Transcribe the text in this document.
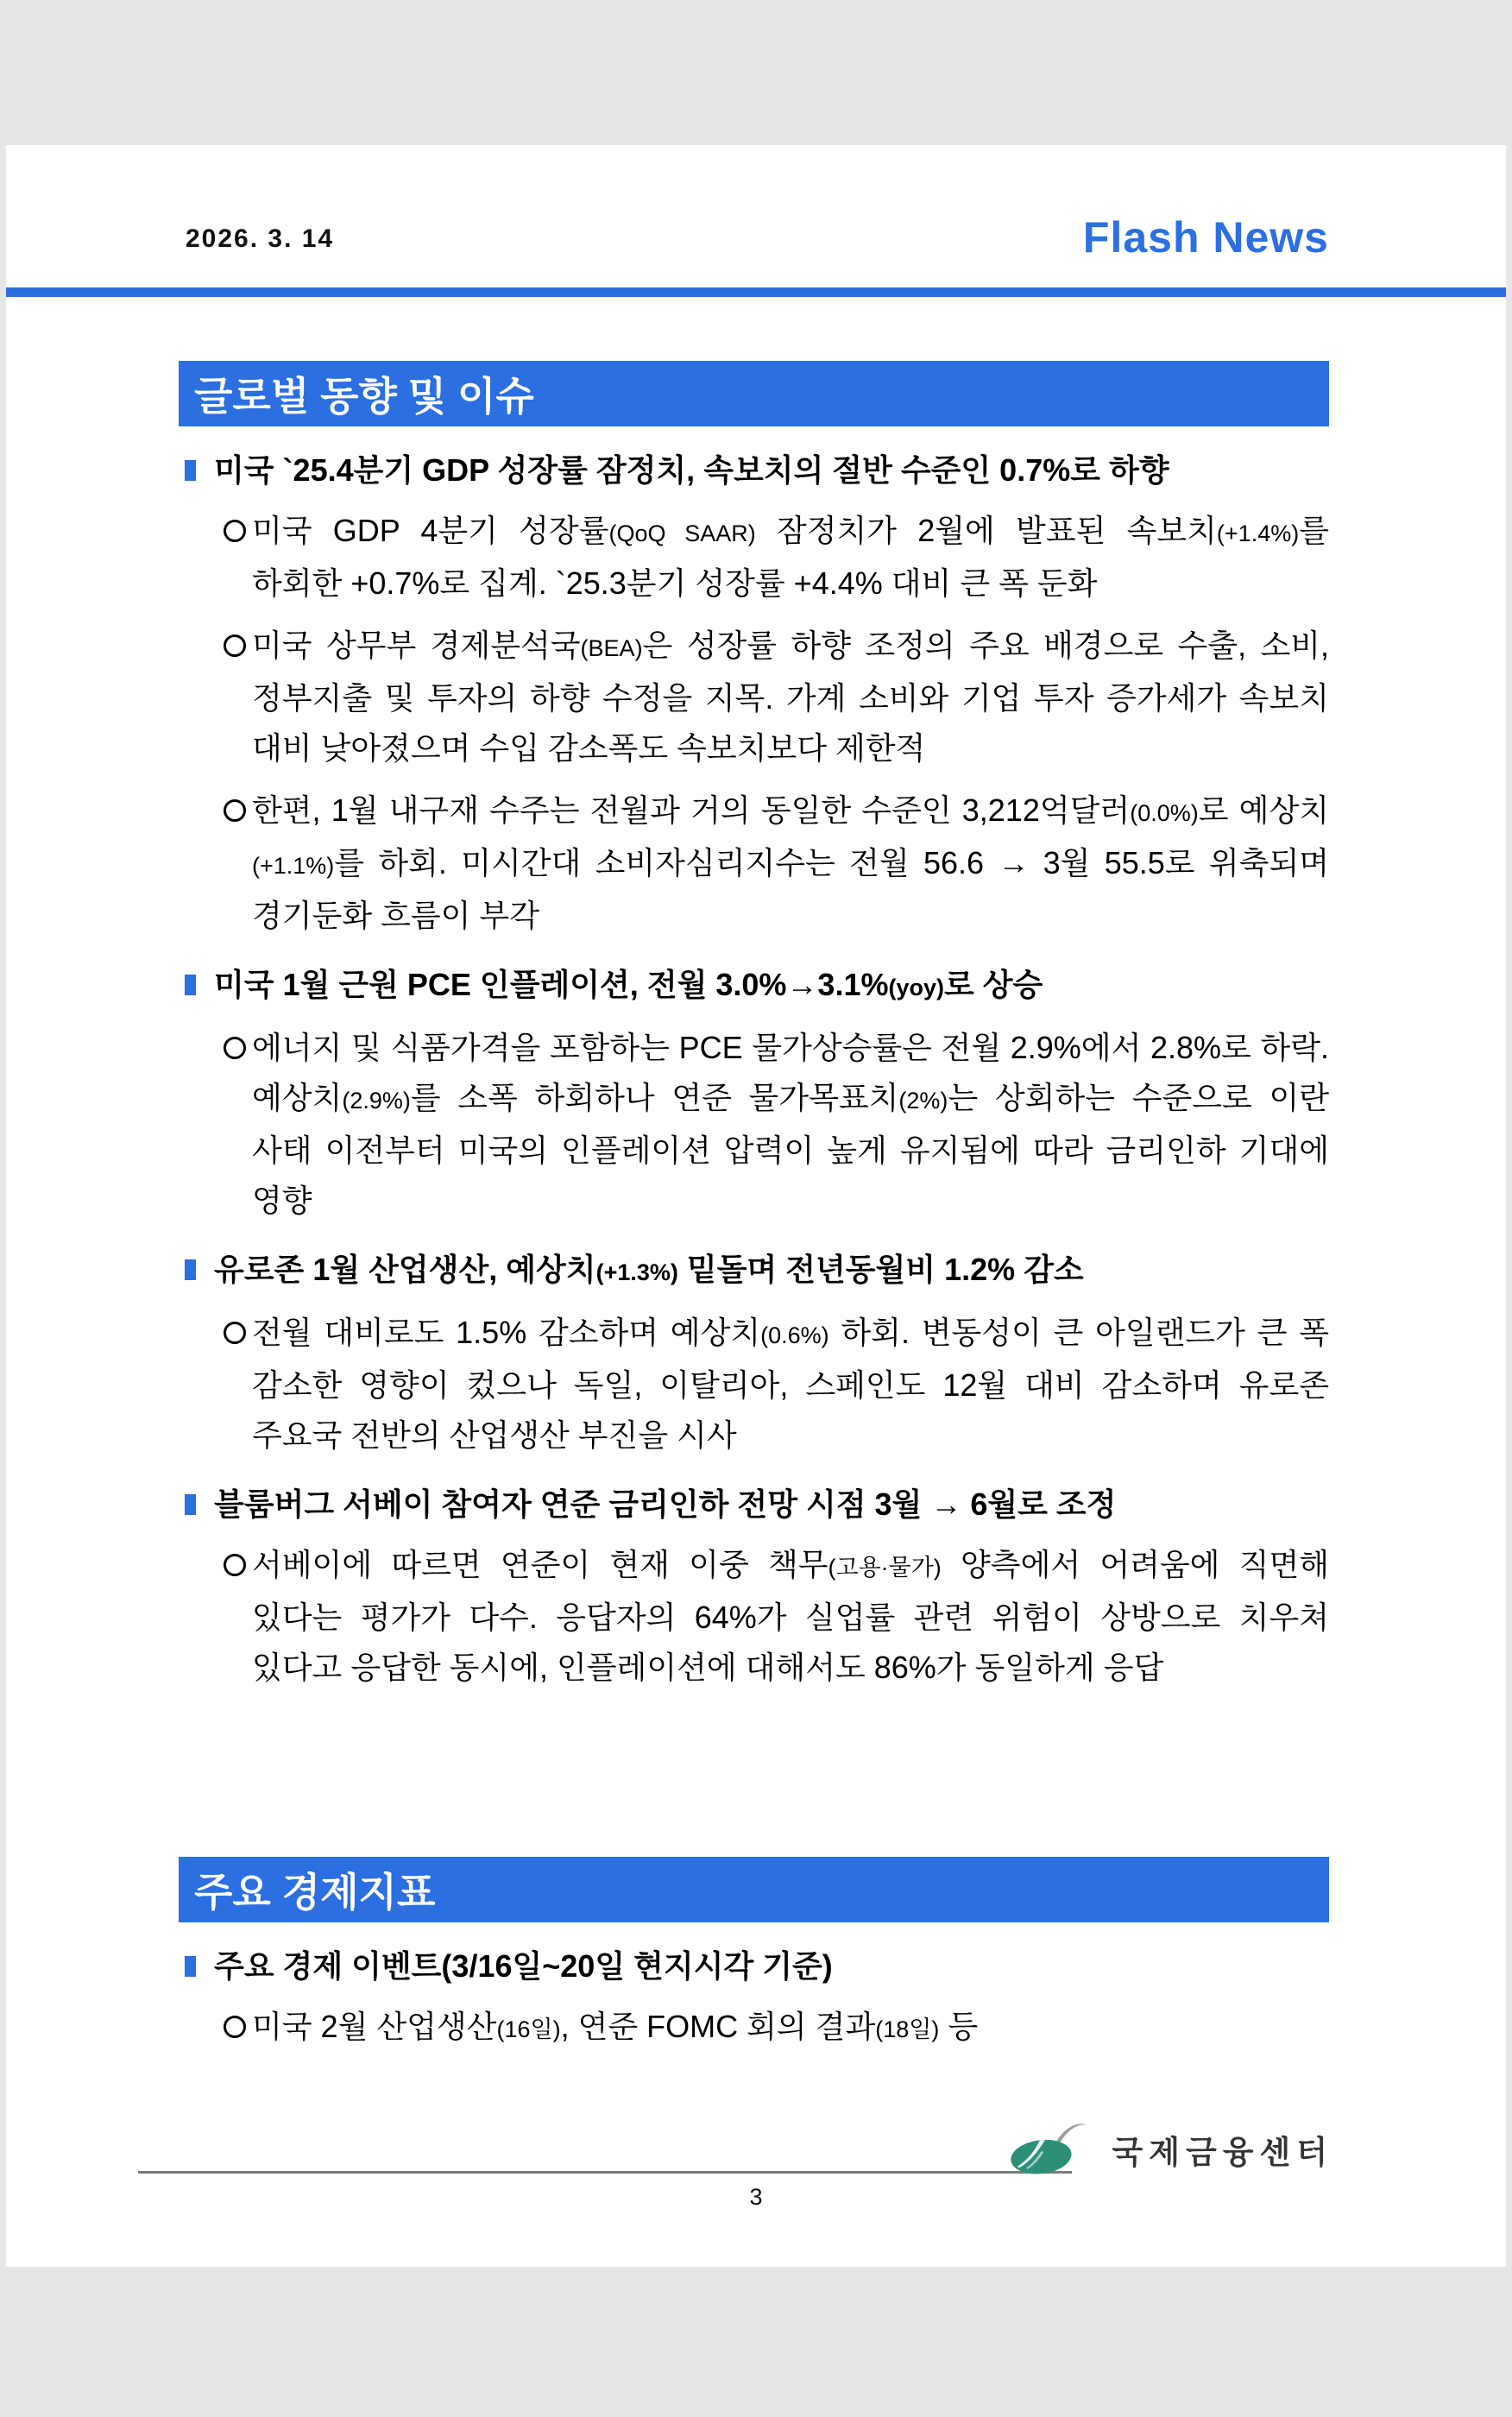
2026. 3. 14	Flash News
글로벌 동향 및 이슈
미국 `25.4분기 GDP 성장률 잠정치, 속보치의 절반 수준인 0.7%로 하향
미국 GDP 4분기 성장률(QoQ SAAR) 잠정치가 2월에 발표된 속보치(+1.4%)를 하회한 +0.7%로 집계. `25.3분기 성장률 +4.4% 대비 큰 폭 둔화
미국 상무부 경제분석국(BEA)은 성장률 하향 조정의 주요 배경으로 수출, 소비, 정부지출 및 투자의 하향 수정을 지목. 가계 소비와 기업 투자 증가세가 속보치 대비 낮아졌으며 수입 감소폭도 속보치보다 제한적
한편, 1월 내구재 수주는 전월과 거의 동일한 수준인 3,212억달러(0.0%)로 예상치(+1.1%)를 하회. 미시간대 소비자심리지수는 전월 56.6 → 3월 55.5로 위축되며 경기둔화 흐름이 부각
미국 1월 근원 PCE 인플레이션, 전월 3.0%→3.1%(yoy)로 상승
에너지 및 식품가격을 포함하는 PCE 물가상승률은 전월 2.9%에서 2.8%로 하락. 예상치(2.9%)를 소폭 하회하나 연준 물가목표치(2%)는 상회하는 수준으로 이란 사태 이전부터 미국의 인플레이션 압력이 높게 유지됨에 따라 금리인하 기대에 영향
유로존 1월 산업생산, 예상치(+1.3%) 밑돌며 전년동월비 1.2% 감소
전월 대비로도 1.5% 감소하며 예상치(0.6%) 하회. 변동성이 큰 아일랜드가 큰 폭 감소한 영향이 컸으나 독일, 이탈리아, 스페인도 12월 대비 감소하며 유로존 주요국 전반의 산업생산 부진을 시사
블룸버그 서베이 참여자 연준 금리인하 전망 시점 3월 → 6월로 조정
서베이에 따르면 연준이 현재 이중 책무(고용·물가) 양측에서 어려움에 직면해 있다는 평가가 다수. 응답자의 64%가 실업률 관련 위험이 상방으로 치우쳐 있다고 응답한 동시에, 인플레이션에 대해서도 86%가 동일하게 응답
주요 경제지표
주요 경제 이벤트(3/16일~20일 현지시각 기준)
미국 2월 산업생산(16일), 연준 FOMC 회의 결과(18일) 등
국제금융센터
3
